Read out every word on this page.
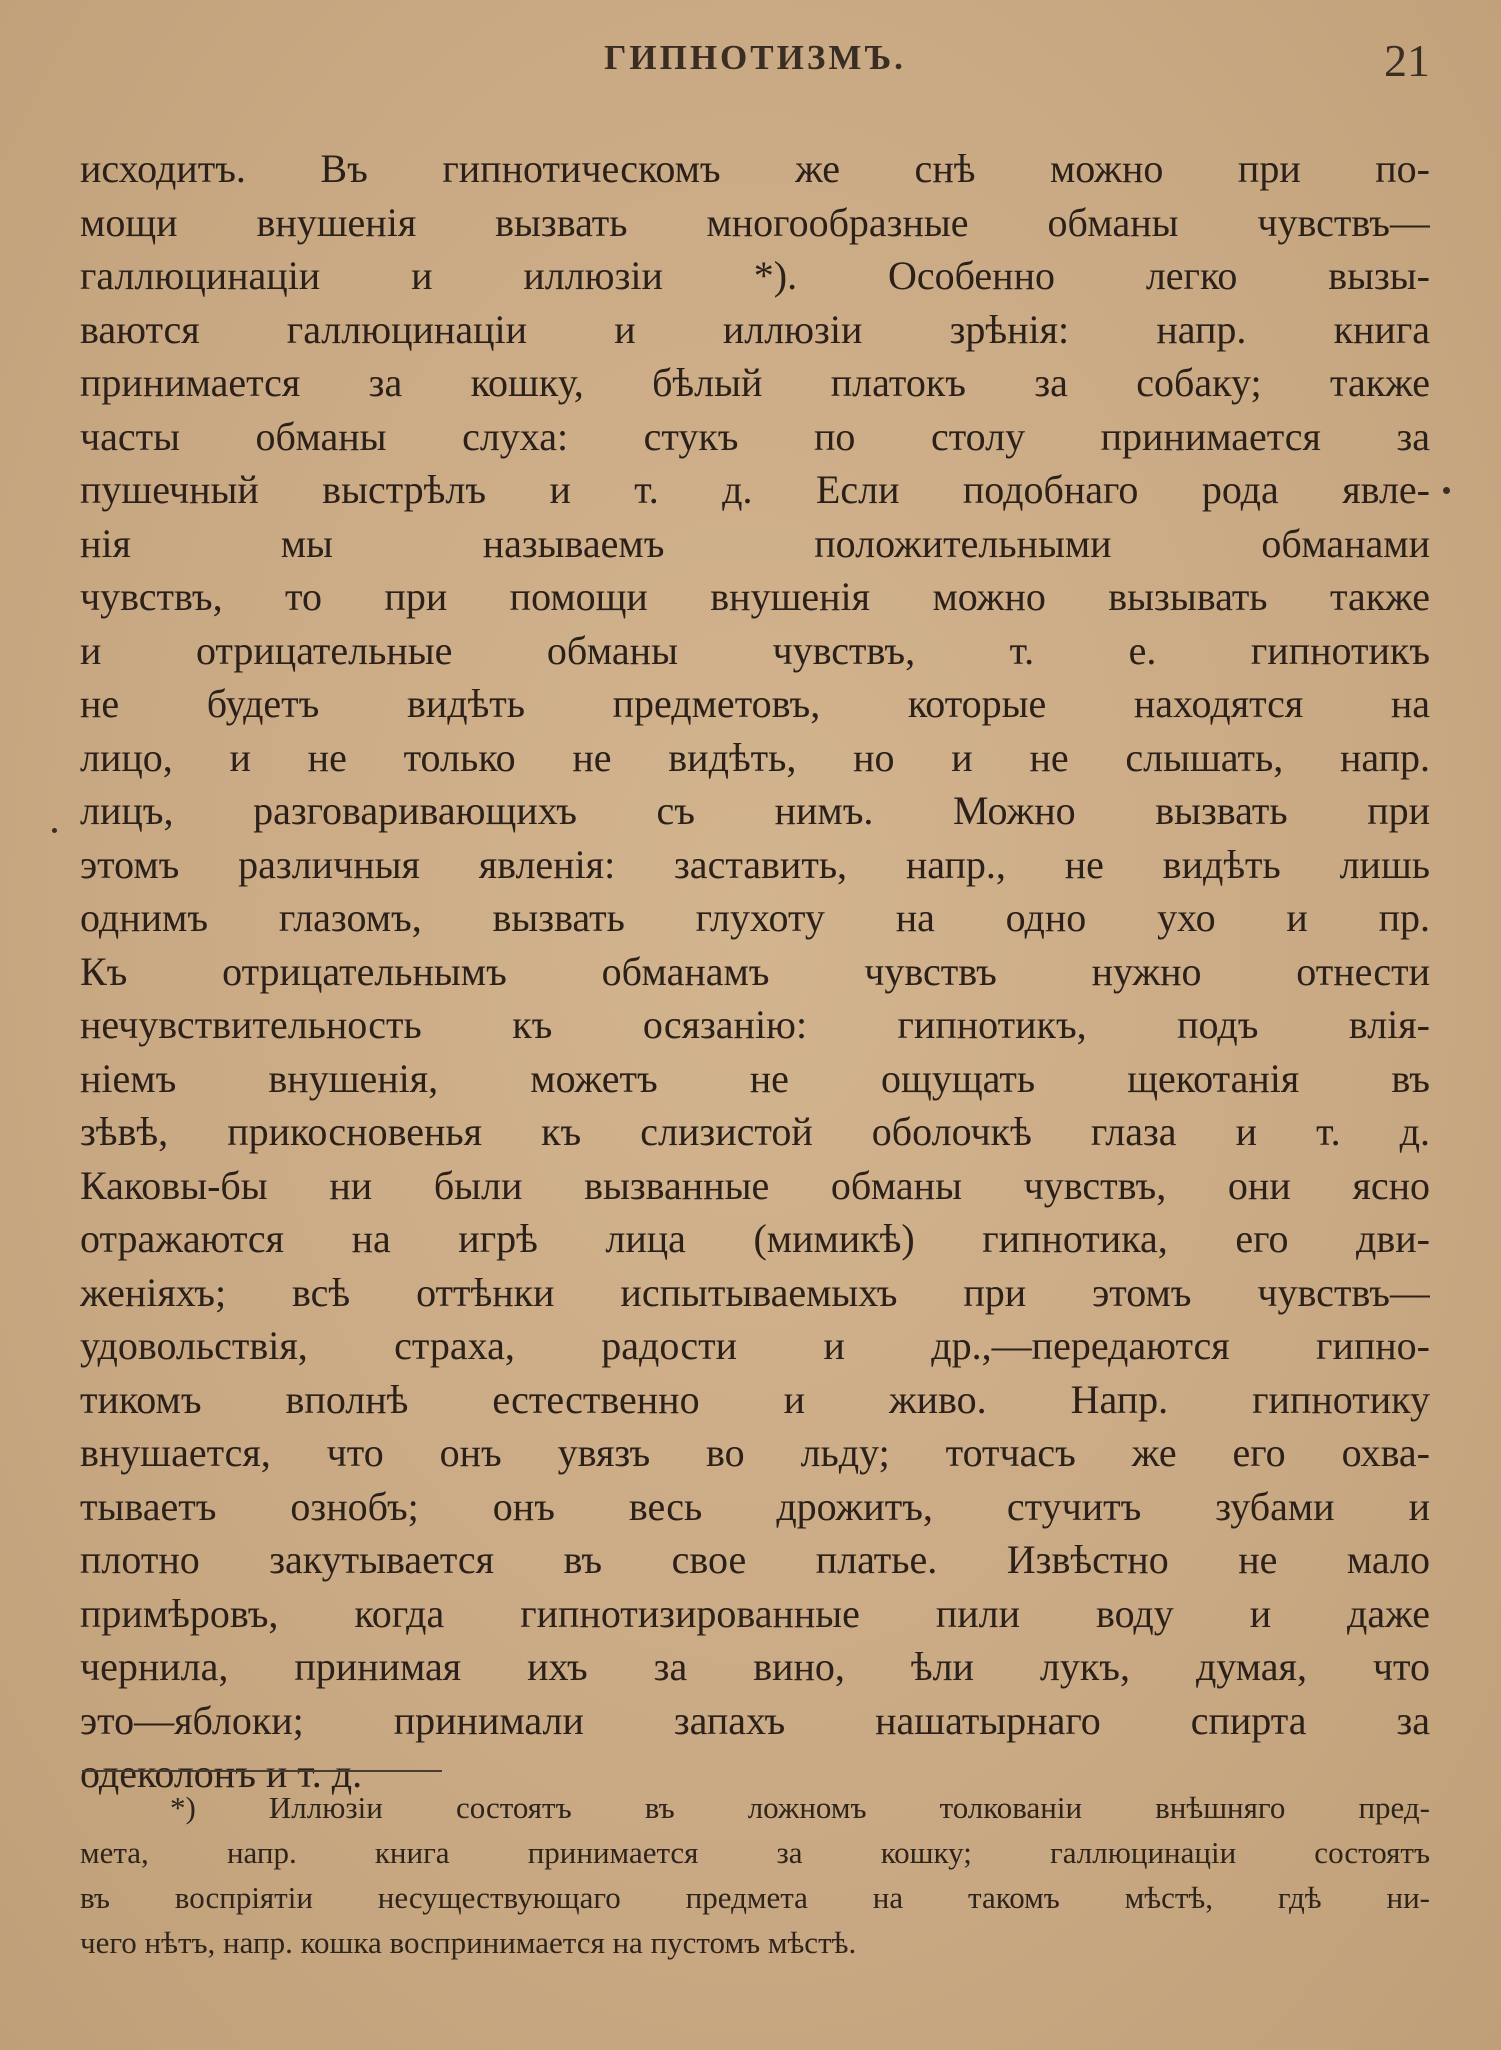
ГИПНОТИЗМЪ.	21
исходитъ. Въ гипнотическомъ же снѣ можно при по-
мощи внушенія вызвать многообразные обманы чувствъ—
галлюцинаціи и иллюзіи *). Особенно легко вызы-
ваются галлюцинаціи и иллюзіи зрѣнія: напр. книга
принимается за кошку, бѣлый платокъ за собаку; также
часты обманы слуха: стукъ по столу принимается за
пушечный выстрѣлъ и т. д. Если подобнаго рода явле-
нія мы называемъ положительными обманами
чувствъ, то при помощи внушенія можно вызывать также
и отрицательные обманы чувствъ, т. е. гипнотикъ
не будетъ видѣть предметовъ, которые находятся на
лицо, и не только не видѣть, но и не слышать, напр.
лицъ, разговаривающихъ съ нимъ. Можно вызвать при
этомъ различныя явленія: заставить, напр., не видѣть лишь
однимъ глазомъ, вызвать глухоту на одно ухо и пр.
Къ отрицательнымъ обманамъ чувствъ нужно отнести
нечувствительность къ осязанію: гипнотикъ, подъ влія-
ніемъ внушенія, можетъ не ощущать щекотанія въ
зѣвѣ, прикосновенья къ слизистой оболочкѣ глаза и т. д.
Каковы-бы ни были вызванные обманы чувствъ, они ясно
отражаются на игрѣ лица (мимикѣ) гипнотика, его дви-
женіяхъ; всѣ оттѣнки испытываемыхъ при этомъ чувствъ—
удовольствія, страха, радости и др.,—передаются гипно-
тикомъ вполнѣ естественно и живо. Напр. гипнотику
внушается, что онъ увязъ во льду; тотчасъ же его охва-
тываетъ ознобъ; онъ весь дрожитъ, стучитъ зубами и
плотно закутывается въ свое платье. Извѣстно не мало
примѣровъ, когда гипнотизированные пили воду и даже
чернила, принимая ихъ за вино, ѣли лукъ, думая, что
это—яблоки; принимали запахъ нашатырнаго спирта за
одеколонъ и т. д.
*) Иллюзіи состоятъ въ ложномъ толкованіи внѣшняго пред-
мета, напр. книга принимается за кошку; галлюцинаціи состоятъ
въ воспріятіи несуществующаго предмета на такомъ мѣстѣ, гдѣ ни-
чего нѣтъ, напр. кошка воспринимается на пустомъ мѣстѣ.
